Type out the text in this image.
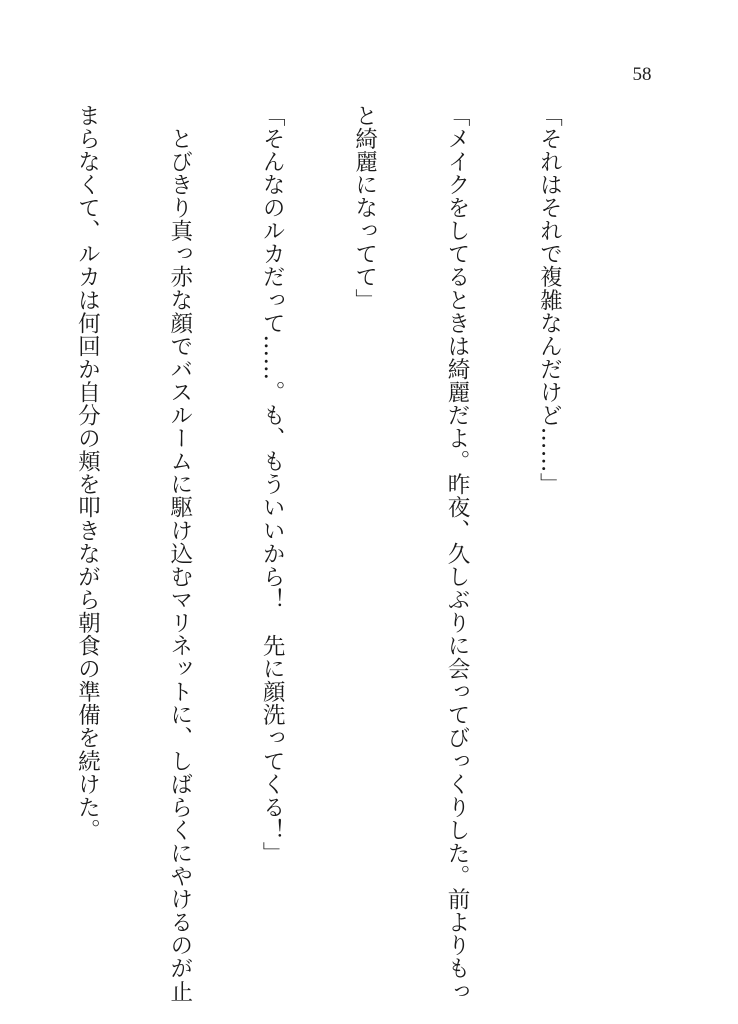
58

「それはそれで複雑なんだけど……」

「メイクをしてるときは綺麗だよ。昨夜、久しぶりに会ってびっくりした。前よりもっ

と綺麗になってて」

「そんなのルカだって……。も、もういいから！　先に顔洗ってくる！」

　とびきり真っ赤な顔でバスルームに駆け込むマリネットに、しばらくにやけるのが止

まらなくて、ルカは何回か自分の頬を叩きながら朝食の準備を続けた。
